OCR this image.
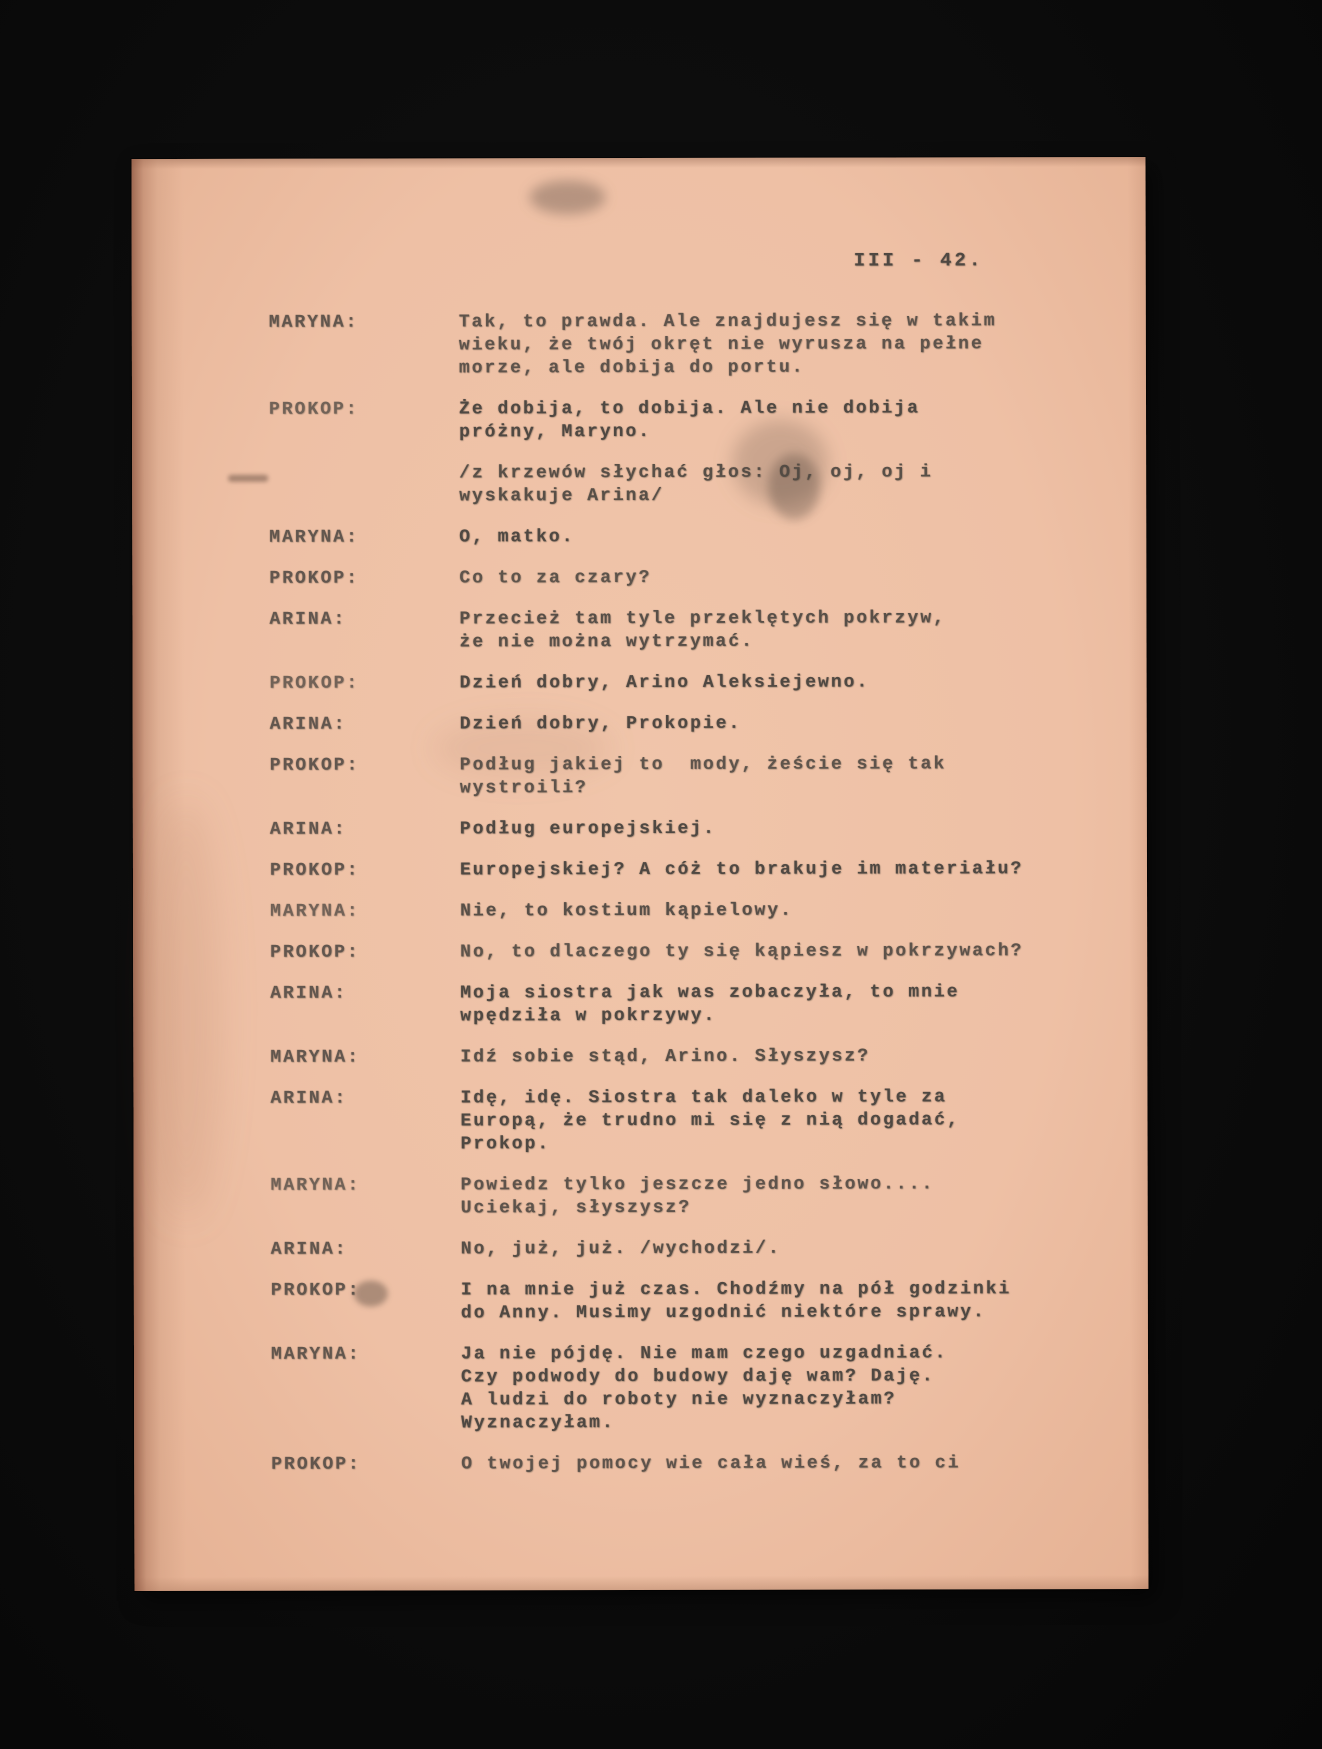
III - 42.
MARYNA:	Tak, to prawda. Ale znajdujesz się w takim
wieku, że twój okręt nie wyrusza na pełne
morze, ale dobija do portu.
PROKOP:	Że dobija, to dobija. Ale nie dobija
próżny, Maryno.
/z krzewów słychać głos: Oj, oj, oj i
wyskakuje Arina/
MARYNA:	O, matko.
PROKOP:	Co to za czary?
ARINA:	Przecież tam tyle przeklętych pokrzyw,
że nie można wytrzymać.
PROKOP:	Dzień dobry, Arino Aleksiejewno.
ARINA:	Dzień dobry, Prokopie.
PROKOP:	Podług jakiej to  mody, żeście się tak
wystroili?
ARINA:	Podług europejskiej.
PROKOP:	Europejskiej? A cóż to brakuje im materiału?
MARYNA:	Nie, to kostium kąpielowy.
PROKOP:	No, to dlaczego ty się kąpiesz w pokrzywach?
ARINA:	Moja siostra jak was zobaczyła, to mnie
wpędziła w pokrzywy.
MARYNA:	Idź sobie stąd, Arino. Słyszysz?
ARINA:	Idę, idę. Siostra tak daleko w tyle za
Europą, że trudno mi się z nią dogadać,
Prokop.
MARYNA:	Powiedz tylko jeszcze jedno słowo....
Uciekaj, słyszysz?
ARINA:	No, już, już. /wychodzi/.
PROKOP:	I na mnie już czas. Chodźmy na pół godzinki
do Anny. Musimy uzgodnić niektóre sprawy.
MARYNA:	Ja nie pójdę. Nie mam czego uzgadniać.
Czy podwody do budowy daję wam? Daję.
A ludzi do roboty nie wyznaczyłam?
Wyznaczyłam.
PROKOP:	O twojej pomocy wie cała wieś, za to ci
